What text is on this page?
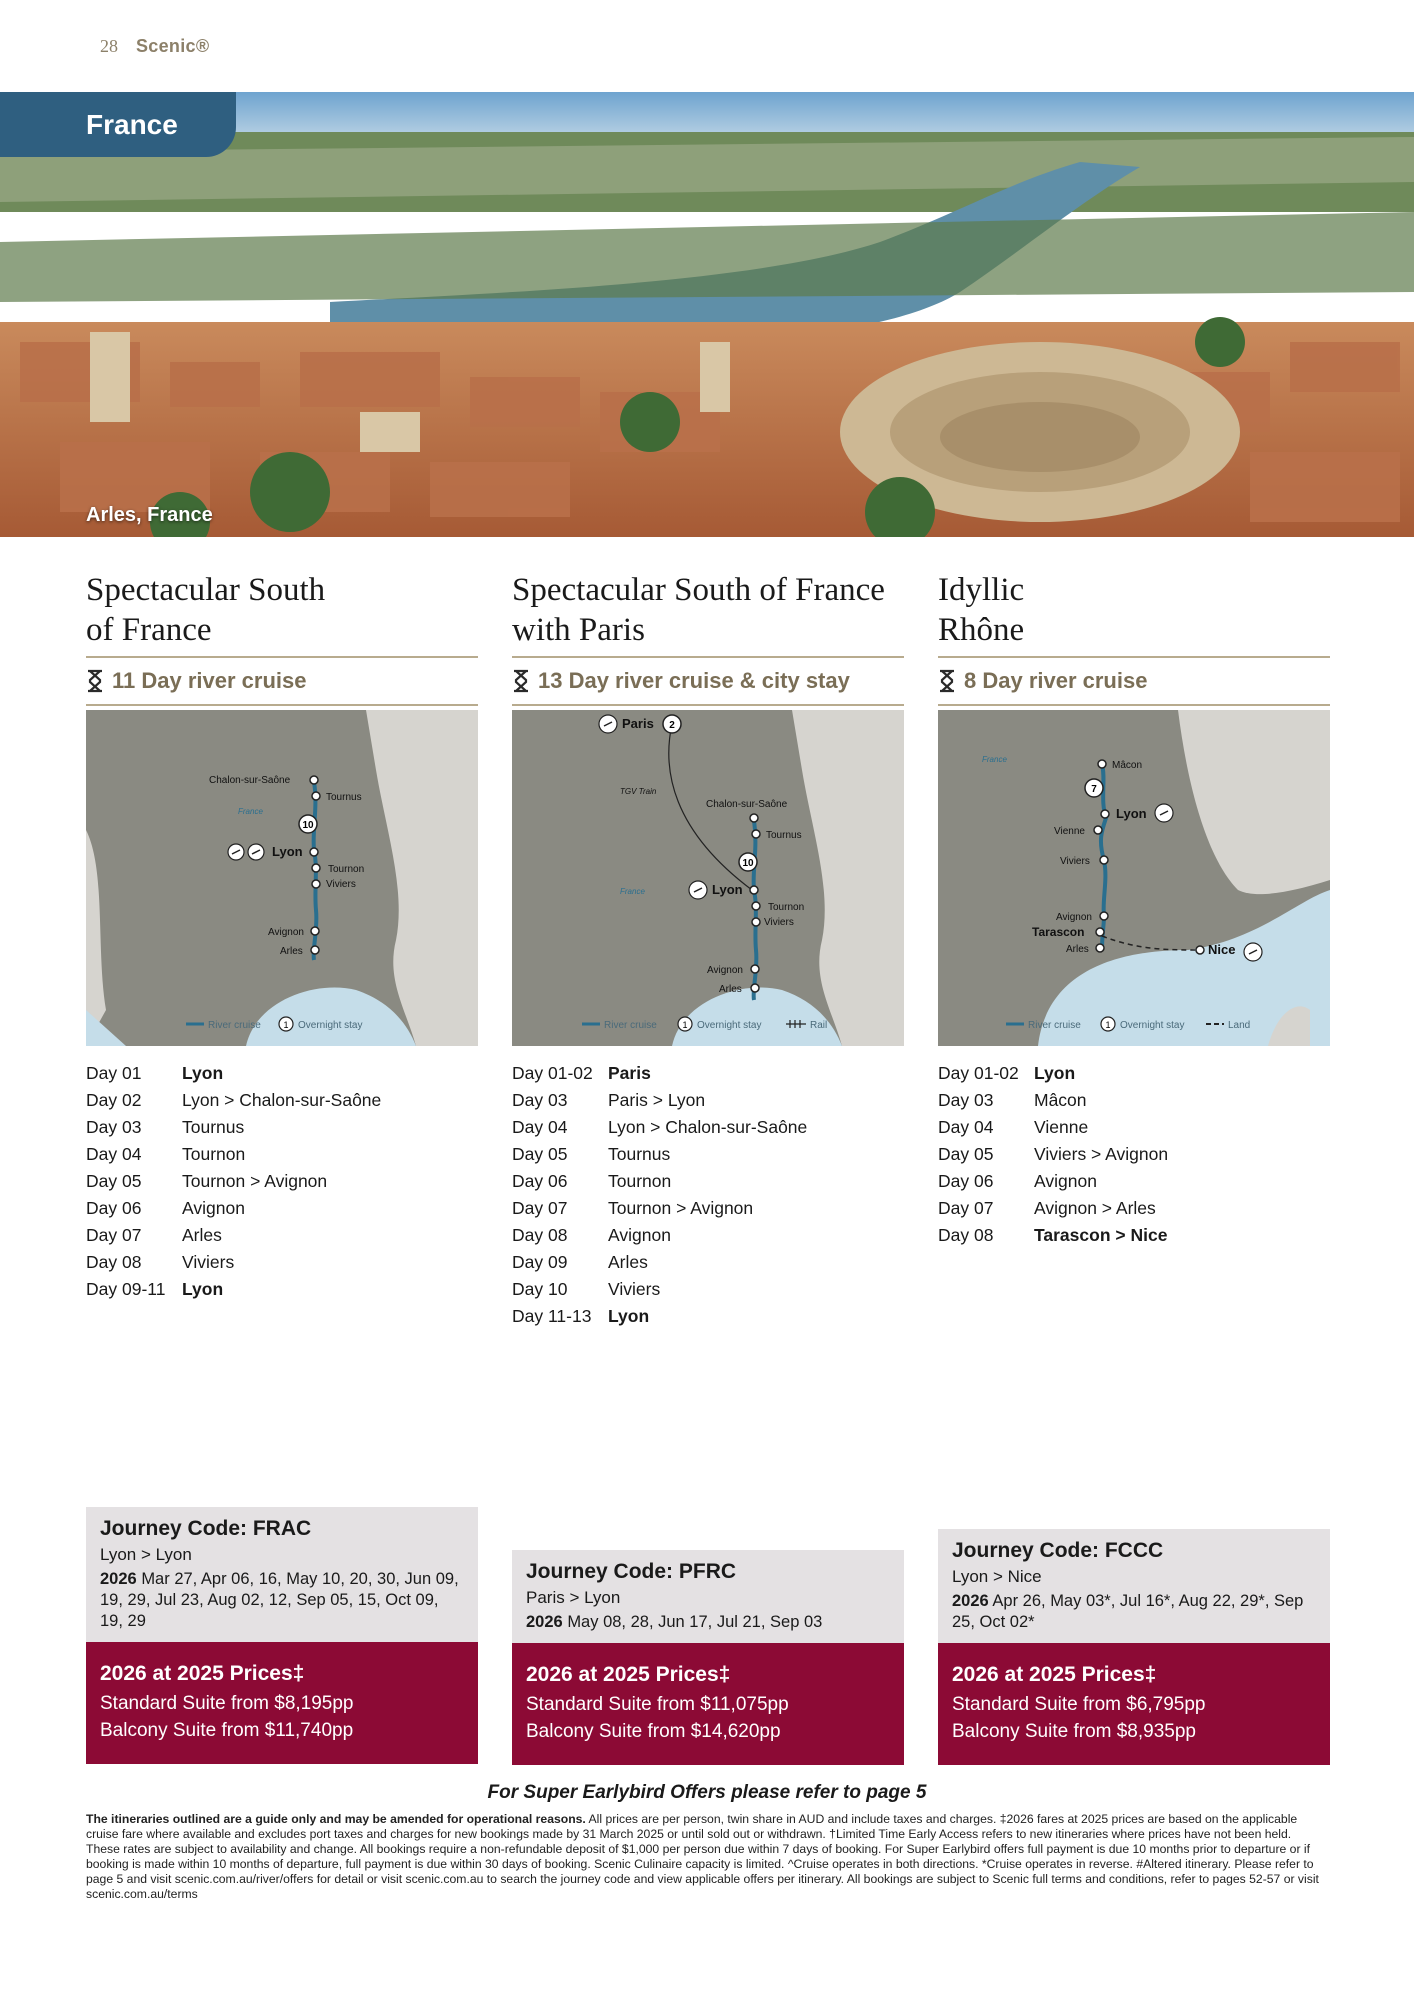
28 Scenic®
France
Arles, France
Spectacular South
of France
11 Day river cruise
10
Chalon-sur-Saône
Tournus
Lyon
Tournon
Viviers
Avignon
Arles
France
River cruise	1 Overnight stay
Day 01	Lyon
Day 02	Lyon > Chalon-sur-Saône
Day 03	Tournus
Day 04	Tournon
Day 05	Tournon > Avignon
Day 06	Avignon
Day 07	Arles
Day 08	Viviers
Day 09-11 Lyon
Spectacular South of France
with Paris
13 Day river cruise & city stay
2
10
Paris
Chalon-sur-Saône
Tournus
Lyon
Tournon
Viviers
Avignon
Arles
TGV Train
France
River cruise	1 Overnight stay	Rail
Day 01-02 Paris
Day 03	Paris > Lyon
Day 04	Lyon > Chalon-sur-Saône
Day 05	Tournus
Day 06	Tournon
Day 07	Tournon > Avignon
Day 08	Avignon
Day 09	Arles
Day 10	Viviers
Day 11-13 Lyon
Idyllic
Rhône
8 Day river cruise
7
Mâcon
Lyon
Vienne
Viviers
Avignon
Tarascon
Arles	Nice
France
River cruise	1 Overnight stay	Land
Day 01-02 Lyon
Day 03	Mâcon
Day 04	Vienne
Day 05	Viviers > Avignon
Day 06	Avignon
Day 07	Avignon > Arles
Day 08	Tarascon > Nice
Journey Code: FRAC
Lyon > Lyon
2026 Mar 27, Apr 06, 16, May 10, 20, 30, Jun 09, 19, 29, Jul 23, Aug 02, 12, Sep 05, 15, Oct 09, 19, 29
2026 at 2025 Prices‡
Standard Suite from $8,195pp
Balcony Suite from $11,740pp
Journey Code: PFRC
Paris > Lyon
2026 May 08, 28, Jun 17, Jul 21, Sep 03
2026 at 2025 Prices‡
Standard Suite from $11,075pp
Balcony Suite from $14,620pp
Journey Code: FCCC
Lyon > Nice
2026 Apr 26, May 03*, Jul 16*, Aug 22, 29*, Sep 25, Oct 02*
2026 at 2025 Prices‡
Standard Suite from $6,795pp
Balcony Suite from $8,935pp
For Super Earlybird Offers please refer to page 5
The itineraries outlined are a guide only and may be amended for operational reasons. All prices are per person, twin share in AUD and include taxes and charges. ‡2026 fares at 2025 prices are based on the applicable cruise fare where available and excludes port taxes and charges for new bookings made by 31 March 2025 or until sold out or withdrawn. †Limited Time Early Access refers to new itineraries where prices have not been held. These rates are subject to availability and change. All bookings require a non-refundable deposit of $1,000 per person due within 7 days of booking. For Super Earlybird offers full payment is due 10 months prior to departure or if booking is made within 10 months of departure, full payment is due within 30 days of booking. Scenic Culinaire capacity is limited. ^Cruise operates in both directions. *Cruise operates in reverse. #Altered itinerary. Please refer to page 5 and visit scenic.com.au/river/offers for detail or visit scenic.com.au to search the journey code and view applicable offers per itinerary. All bookings are subject to Scenic full terms and conditions, refer to pages 52-57 or visit scenic.com.au/terms
